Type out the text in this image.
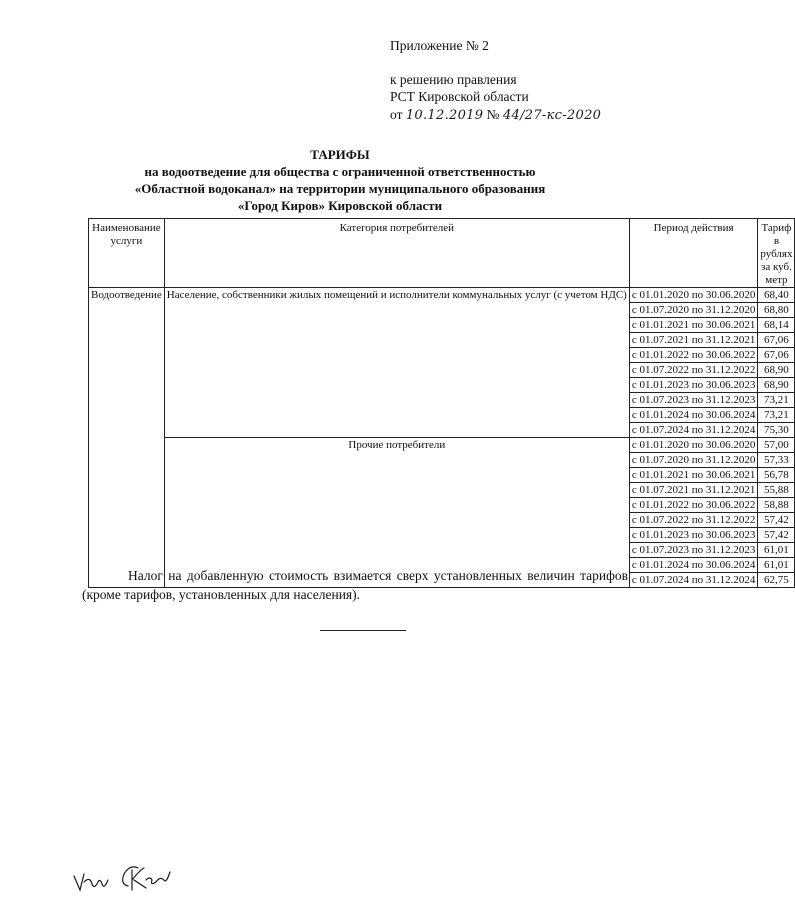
Приложение № 2
к решению правления
РСТ Кировской области
от 10.12.2019 № 44/27-кс-2020
ТАРИФЫ
на водоотведение для общества с ограниченной ответственностью
«Областной водоканал» на территории муниципального образования
«Город Киров» Кировской области
Наименование услуги	Категория потребителей	Период действия	Тариф в рублях за куб. метр
Водоотведение	Население, собственники жилых помещений и исполнители коммунальных услуг (с учетом НДС)	с 01.01.2020 по 30.06.2020	68,40
		с 01.07.2020 по 31.12.2020	68,80
		с 01.01.2021 по 30.06.2021	68,14
		с 01.07.2021 по 31.12.2021	67,06
		с 01.01.2022 по 30.06.2022	67,06
		с 01.07.2022 по 31.12.2022	68,90
		с 01.01.2023 по 30.06.2023	68,90
		с 01.07.2023 по 31.12.2023	73,21
		с 01.01.2024 по 30.06.2024	73,21
		с 01.07.2024 по 31.12.2024	75,30
	Прочие потребители	с 01.01.2020 по 30.06.2020	57,00
		с 01.07.2020 по 31.12.2020	57,33
		с 01.01.2021 по 30.06.2021	56,78
		с 01.07.2021 по 31.12.2021	55,88
		с 01.01.2022 по 30.06.2022	58,88
		с 01.07.2022 по 31.12.2022	57,42
		с 01.01.2023 по 30.06.2023	57,42
		с 01.07.2023 по 31.12.2023	61,01
		с 01.01.2024 по 30.06.2024	61,01
		с 01.07.2024 по 31.12.2024	62,75
Налог на добавленную стоимость взимается сверх установленных величин тарифов (кроме тарифов, установленных для населения).
